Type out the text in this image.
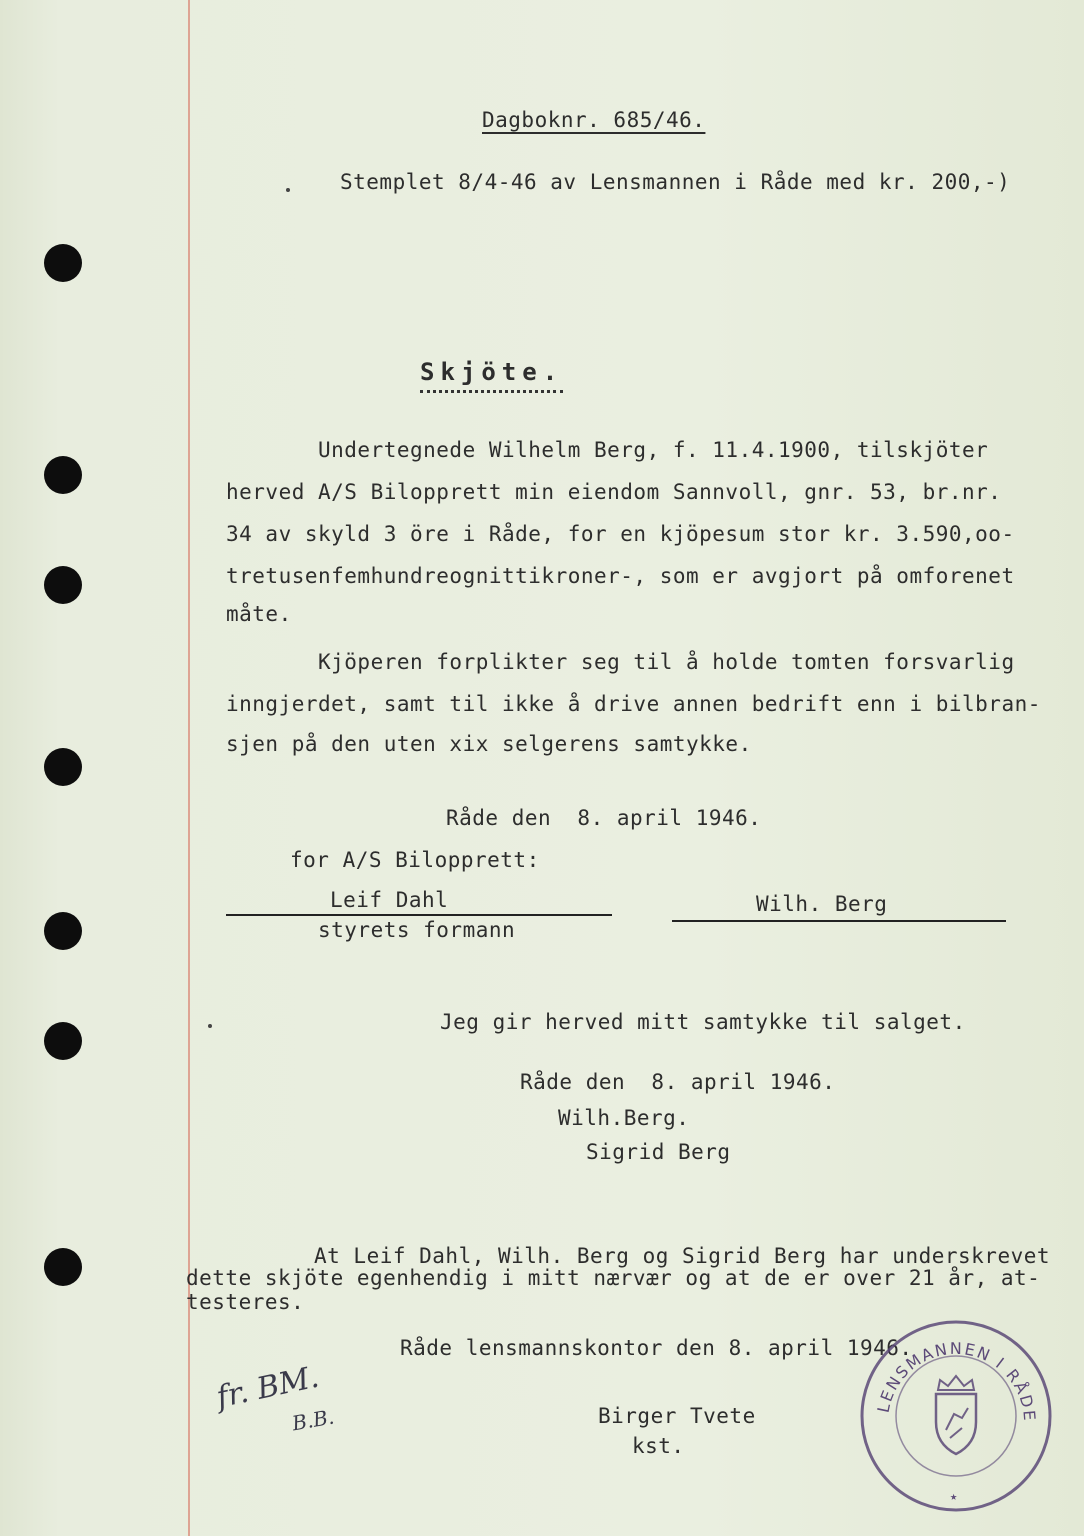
Dagboknr. 685/46.
Stemplet 8/4-46 av Lensmannen i Råde med kr. 200,-)
Skjöte.
Undertegnede Wilhelm Berg, f. 11.4.1900, tilskjöter
herved A/S Bilopprett min eiendom Sannvoll, gnr. 53, br.nr.
34 av skyld 3 öre i Råde, for en kjöpesum stor kr. 3.590,oo-
tretusenfemhundreognittikroner-, som er avgjort på omforenet
måte.
Kjöperen forplikter seg til å holde tomten forsvarlig
inngjerdet, samt til ikke å drive annen bedrift enn i bilbran-
sjen på den uten xix selgerens samtykke.
Råde den  8. april 1946.
for A/S Bilopprett:
Leif Dahl
styrets formann
Wilh. Berg
Jeg gir herved mitt samtykke til salget.
Råde den  8. april 1946.
Wilh.Berg.
Sigrid Berg
At Leif Dahl, Wilh. Berg og Sigrid Berg har underskrevet
dette skjöte egenhendig i mitt nærvær og at de er over 21 år, at-
testeres.
Råde lensmannskontor den 8. april 1946.
fr. BM.
B.B.	Birger Tvete
kst.
LENSMANNEN I RÅDE
★
